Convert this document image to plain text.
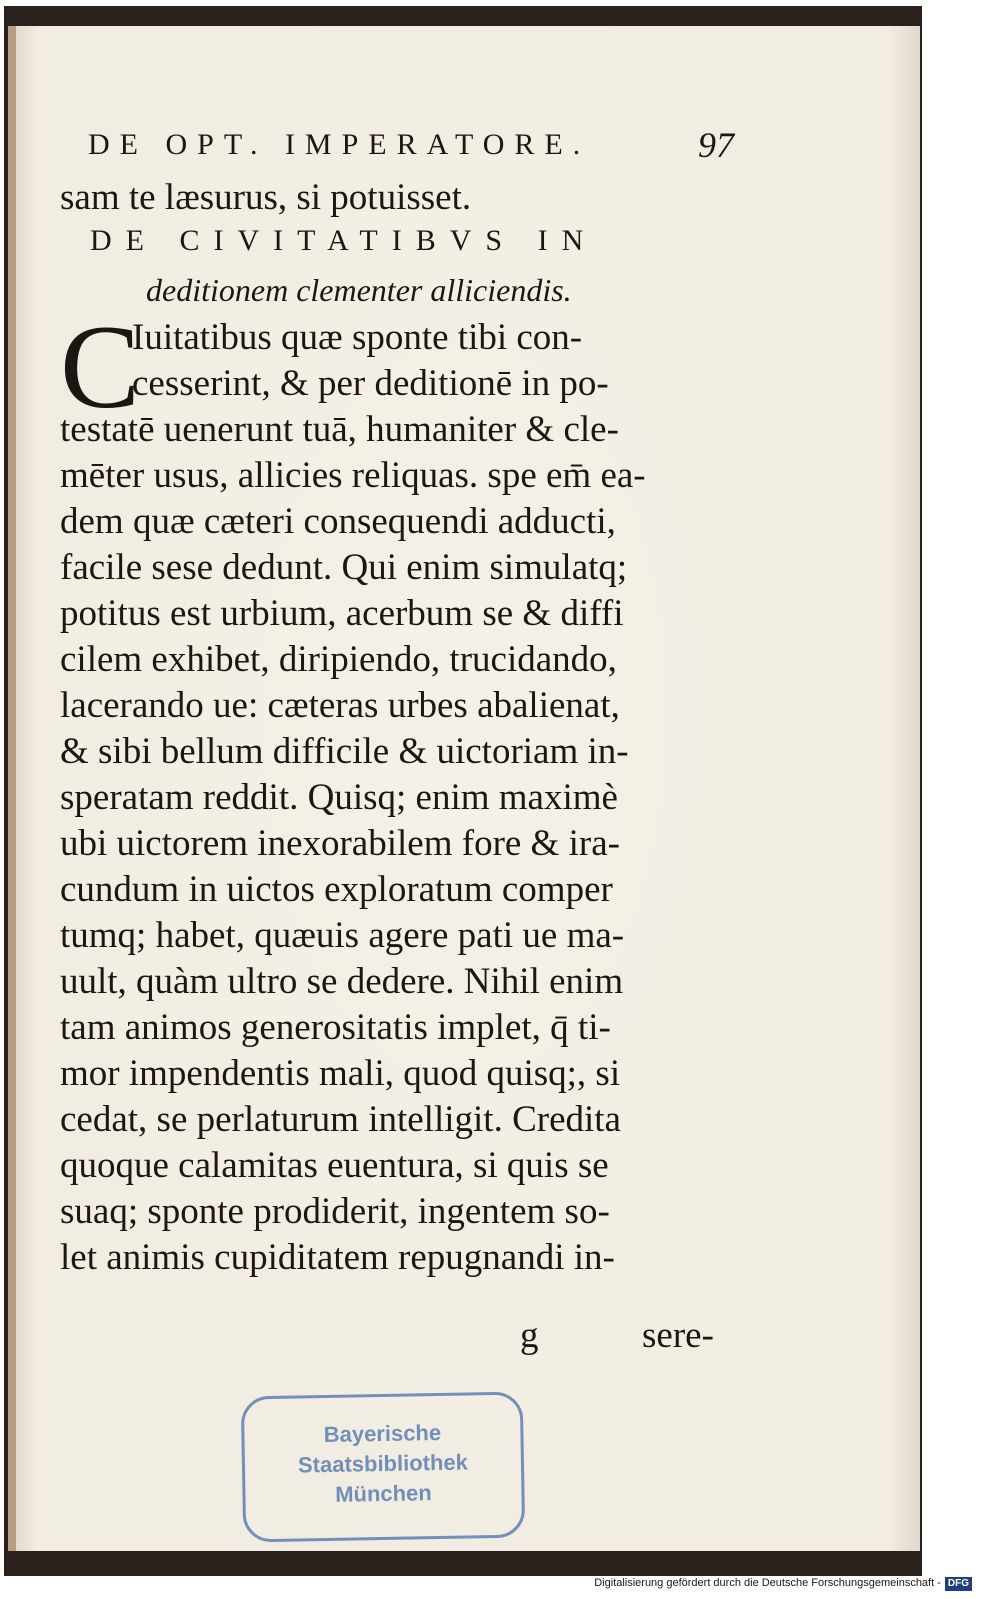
DE OPT. IMPERATORE.	97
sam te læsurus, si potuisset.
DE CIVITATIBVS IN
deditionem clementer alliciendis.
C
Iuitatibus quæ sponte tibi con-
cesserint, & per deditionē in po-
testatē uenerunt tuā, humaniter & cle-
mēter usus, allicies reliquas. spe em̄ ea-
dem quæ cæteri consequendi adducti,
facile sese dedunt. Qui enim simulatq;
potitus est urbium, acerbum se & diffi
cilem exhibet, diripiendo, trucidando,
lacerando ue: cæteras urbes abalienat,
& sibi bellum difficile & uictoriam in-
speratam reddit. Quisq; enim maximè
ubi uictorem inexorabilem fore & ira-
cundum in uictos exploratum comper
tumq; habet, quæuis agere pati ue ma-
uult, quàm ultro se dedere. Nihil enim
tam animos generositatis implet, q̄ ti-
mor impendentis mali, quod quisq;, si
cedat, se perlaturum intelligit. Credita
quoque calamitas euentura, si quis se
suaq; sponte prodiderit, ingentem so-
let animis cupiditatem repugnandi in-
g	sere-
Bayerische
Staatsbibliothek
München
Digitalisierung gefördert durch die Deutsche Forschungsgemeinschaft - DFG
